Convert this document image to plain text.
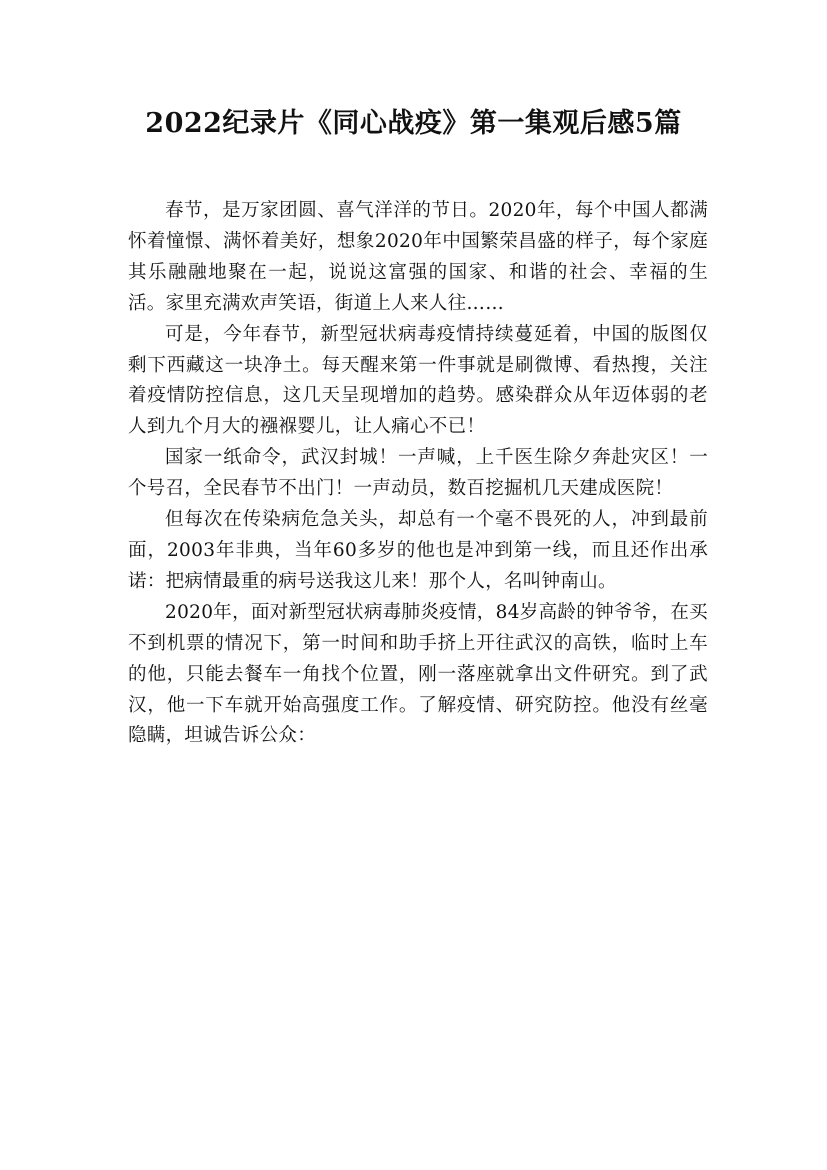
2022纪录片《同心战疫》第一集观后感5篇

春节，是万家团圆、喜气洋洋的节日。2020年，每个中国人都满怀着憧憬、满怀着美好，想象2020年中国繁荣昌盛的样子，每个家庭其乐融融地聚在一起，说说这富强的国家、和谐的社会、幸福的生活。家里充满欢声笑语，街道上人来人往……

可是，今年春节，新型冠状病毒疫情持续蔓延着，中国的版图仅剩下西藏这一块净土。每天醒来第一件事就是刷微博、看热搜，关注着疫情防控信息，这几天呈现增加的趋势。感染群众从年迈体弱的老人到九个月大的襁褓婴儿，让人痛心不已！

国家一纸命令，武汉封城！一声喊，上千医生除夕奔赴灾区！一个号召，全民春节不出门！一声动员，数百挖掘机几天建成医院！

但每次在传染病危急关头，却总有一个毫不畏死的人，冲到最前面，2003年非典，当年60多岁的他也是冲到第一线，而且还作出承诺：把病情最重的病号送我这儿来！那个人，名叫钟南山。

2020年，面对新型冠状病毒肺炎疫情，84岁高龄的钟爷爷，在买不到机票的情况下，第一时间和助手挤上开往武汉的高铁，临时上车的他，只能去餐车一角找个位置，刚一落座就拿出文件研究。到了武汉，他一下车就开始高强度工作。了解疫情、研究防控。他没有丝毫隐瞒，坦诚告诉公众：
